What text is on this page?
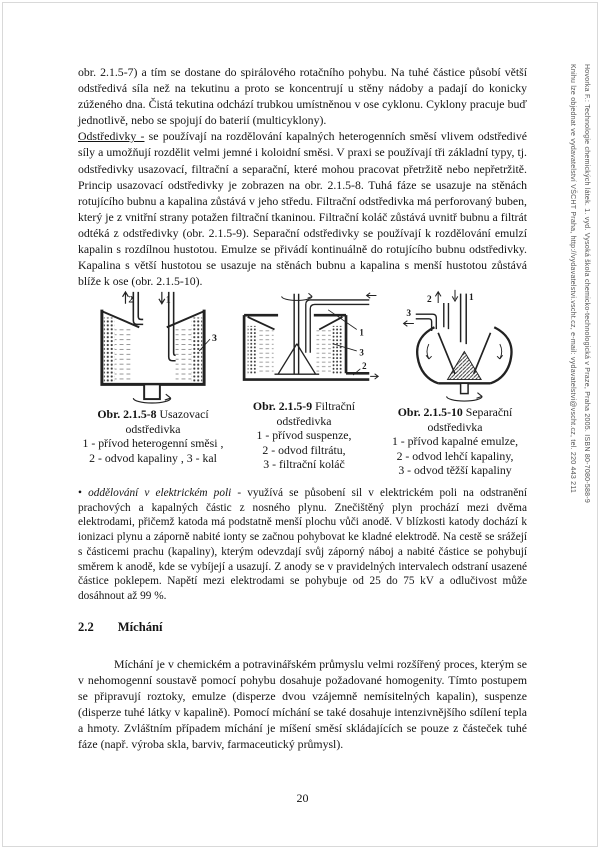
obr. 2.1.5-7) a tím se dostane do spirálového rotačního pohybu. Na tuhé částice působí větší odstředivá síla než na tekutinu a proto se koncentrují u stěny nádoby a padají do konicky zúženého dna. Čistá tekutina odchází trubkou umístněnou v ose cyklonu. Cyklony pracuje buď jednotlivě, nebo se spojují do baterií (multicyklony).

Odstředivky - se používají na rozdělování kapalných heterogenních směsí vlivem odstředivé síly a umožňují rozdělit velmi jemné i koloidní směsi. V praxi se používají tři základní typy, tj. odstředivky usazovací, filtrační a separační, které mohou pracovat přetržitě nebo nepřetržitě. Princip usazovací odstředivky je zobrazen na obr. 2.1.5-8. Tuhá fáze se usazuje na stěnách rotujícího bubnu a kapalina zůstává v jeho středu. Filtrační odstředivka má perforovaný buben, který je z vnitřní strany potažen filtrační tkaninou. Filtrační koláč zůstává uvnitř bubnu a filtrát odtéká z odstředivky (obr. 2.1.5-9). Separační odstředivky se používají k rozdělování emulzí kapalin s rozdílnou hustotou. Emulze se přivádí kontinuálně do rotujícího bubnu odstředivky. Kapalina s větší hustotou se usazuje na stěnách bubnu a kapalina s menší hustotou zůstává blíže k ose (obr. 2.1.5-10).

2	1
3
Obr. 2.1.5-8 Usazovací odstředivka
1 - přívod heterogenní směsi ,
2 - odvod kapaliny , 3 - kal
1
3
2
Obr. 2.1.5-9 Filtrační odstředivka
1 - přívod suspenze,
2 - odvod filtrátu,
3 - filtrační koláč
1
2
3
Obr. 2.1.5-10 Separační odstředivka
1 - přívod kapalné emulze,
2 - odvod lehčí kapaliny,
3 - odvod těžší kapaliny
• oddělování v elektrickém poli - využívá se působení sil v elektrickém poli na odstranění prachových a kapalných částic z nosného plynu. Znečištěný plyn prochází mezi dvěma elektrodami, přičemž katoda má podstatně menší plochu vůči anodě. V blízkosti katody dochází k ionizaci plynu a záporně nabité ionty se začnou pohybovat ke kladné elektrodě. Na cestě se srážejí s částicemi prachu (kapaliny), kterým odevzdají svůj záporný náboj a nabité částice se pohybují směrem k anodě, kde se vybíjejí a usazují. Z anody se v pravidelných intervalech odstraní usazené částice poklepem. Napětí mezi elektrodami se pohybuje od 25 do 75 kV a odlučivost může dosáhnout až 99 %.
2.2 Míchání

Míchání je v chemickém a potravinářském průmyslu velmi rozšířený proces, kterým se v nehomogenní soustavě pomocí pohybu dosahuje požadované homogenity. Tímto postupem se připravují roztoky, emulze (disperze dvou vzájemně nemísitelných kapalin), suspenze (disperze tuhé látky v kapalině). Pomocí míchání se také dosahuje intenzivnějšího sdílení tepla a hmoty. Zvláštním případem míchání je míšení směsí skládajících se pouze z částeček tuhé fáze (např. výroba skla, barviv, farmaceutický průmysl).

20
Hovorka F.: Technologie chemických látek. 1. vyd. Vysoká škola chemicko-technologická v Praze, Praha 2005. ISBN 80-7080-588-9
Knihu lze objednat ve vydavatelství VŠCHT Praha, http://vydavatelstvi.vscht.cz, e-mail: vydavatelstvi@vscht.cz, tel. 220 443 211
